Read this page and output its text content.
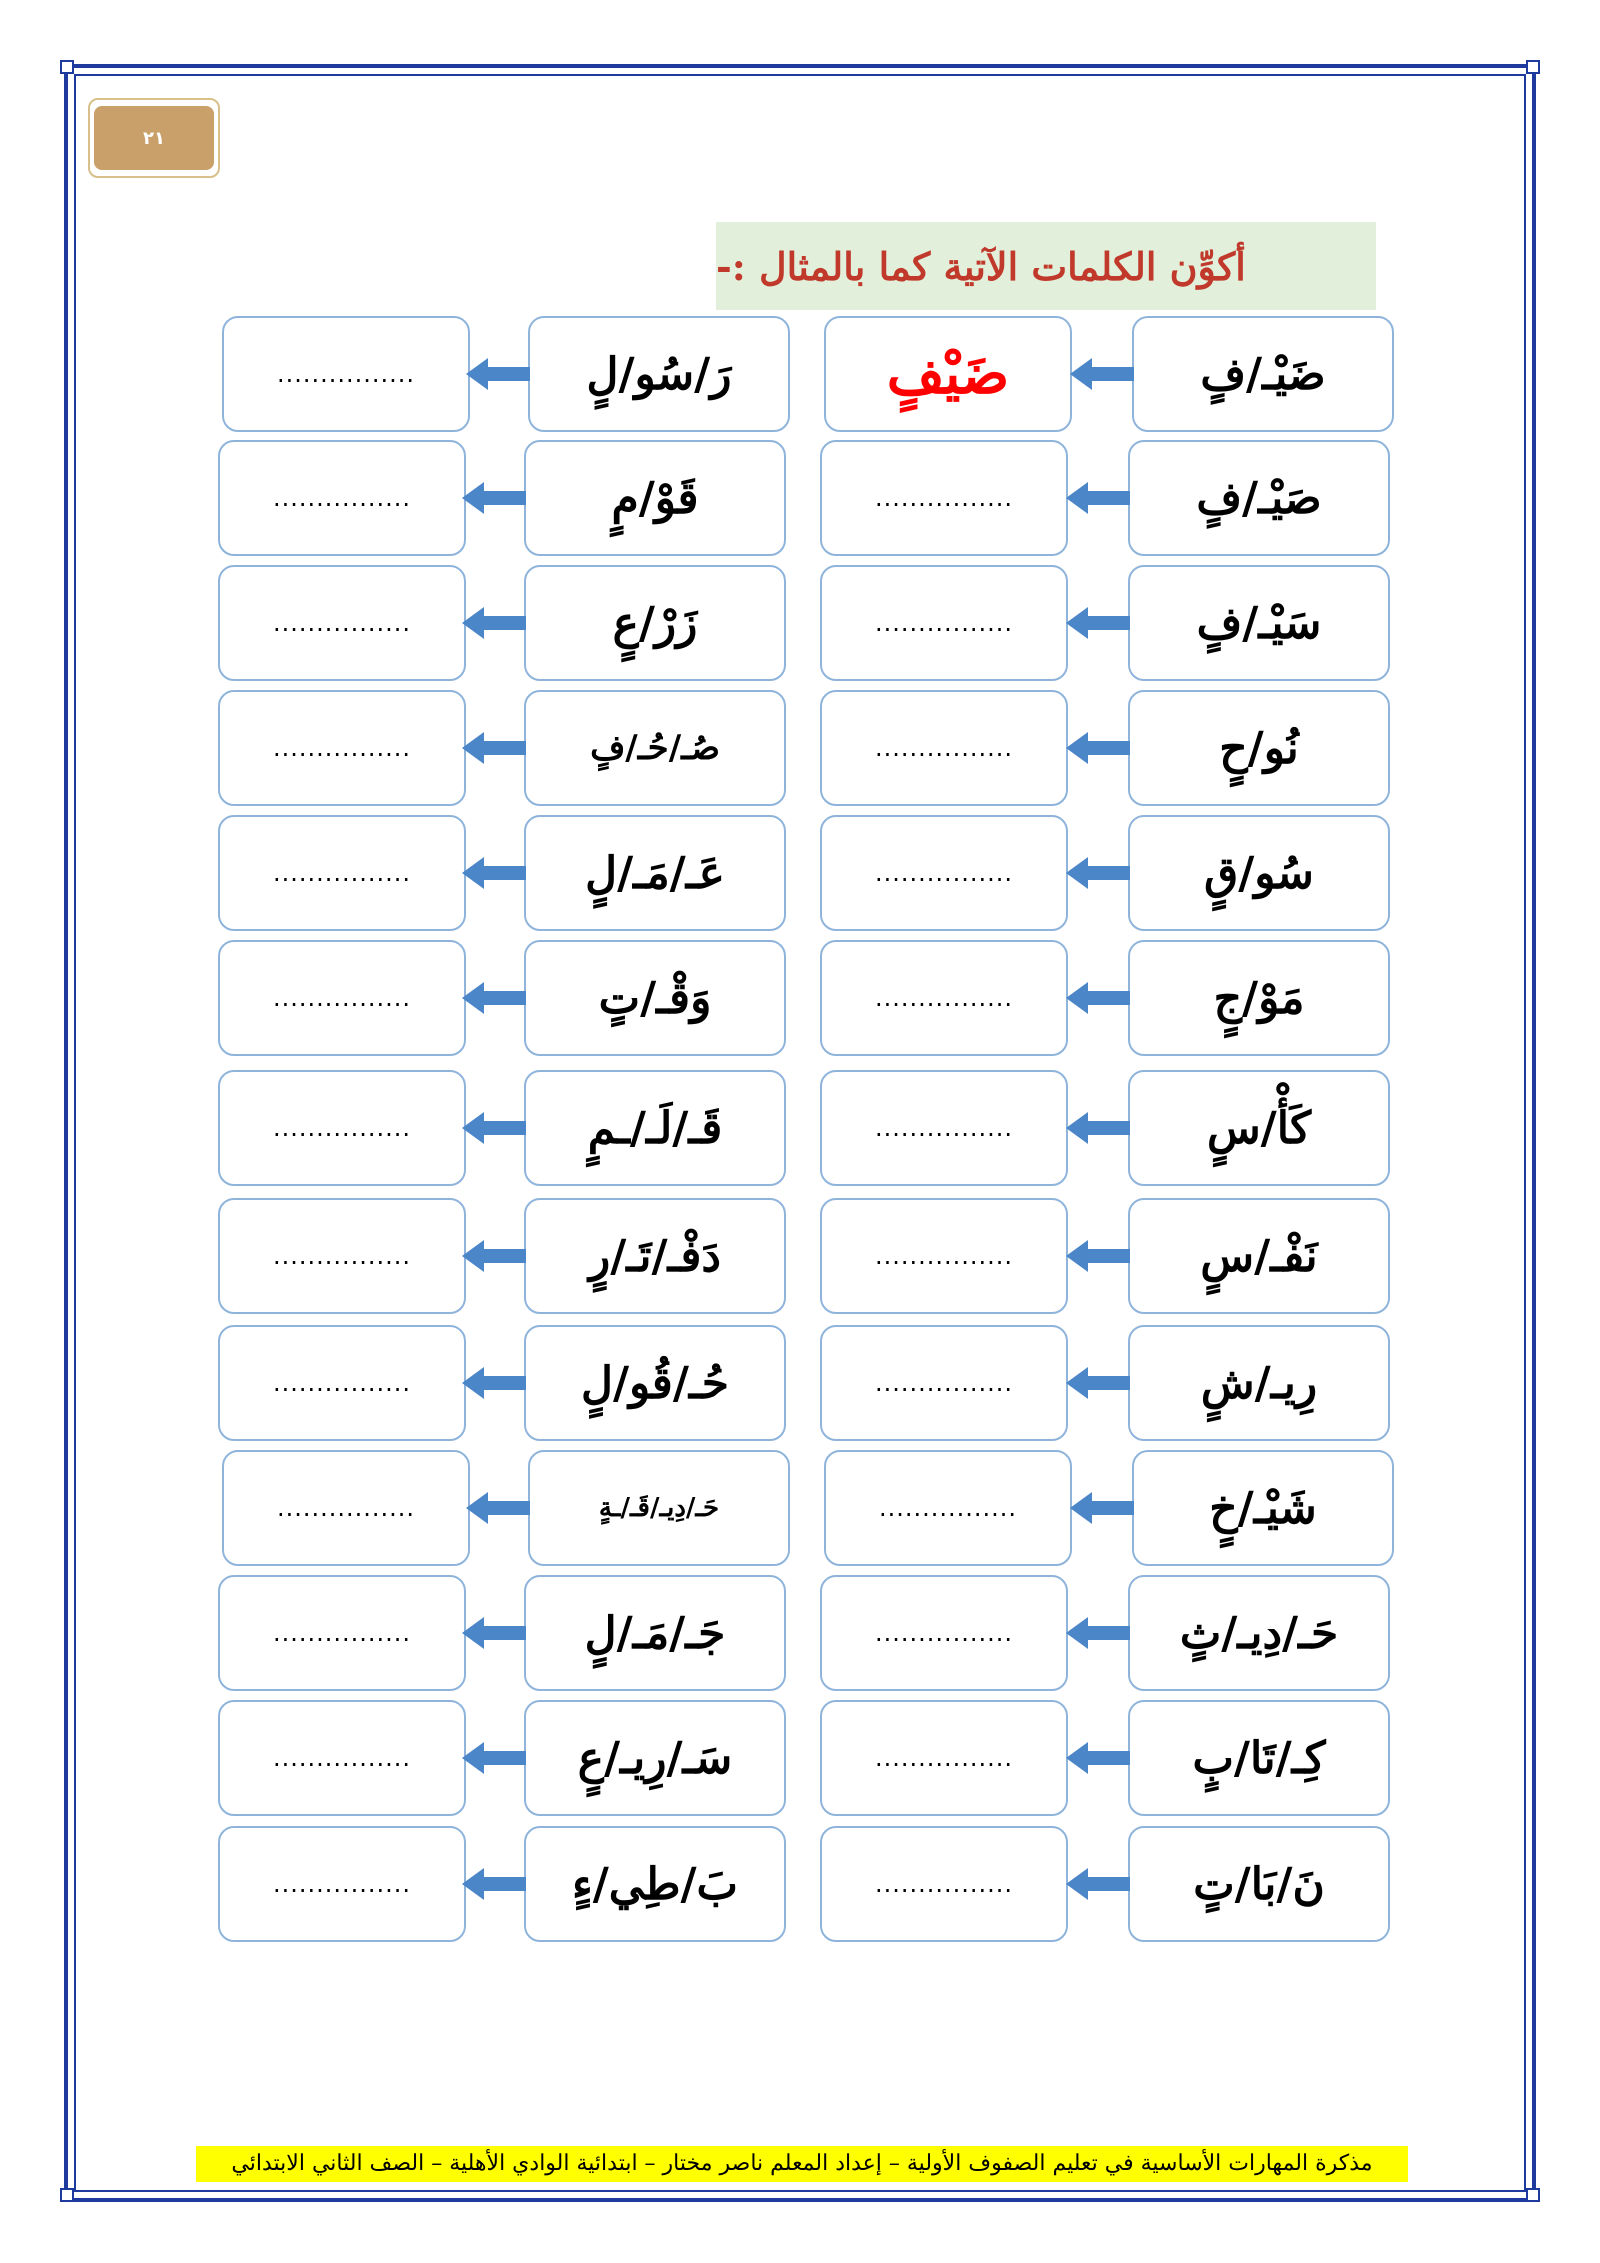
٢١
أكوِّن الكلمات الآتية كما بالمثال :-
ضَيْـ/فٍ
ضَيْفٍ
رَ/سُو/لٍ
................
صَيْـ/فٍ
................
قَوْ/مٍ
................
سَيْـ/فٍ
................
زَرْ/عٍ
................
نُو/حٍ
................
صُـ/حُـ/فٍ
................
سُو/قٍ
................
عَـ/مَـ/لٍ
................
مَوْ/جٍ
................
وَقْـ/تٍ
................
كَأْ/سٍ
................
قَـ/لَـ/ـمٍ
................
نَفْـ/سٍ
................
دَفْـ/تَـ/رٍ
................
رِيـ/شٍ
................
حُـ/قُو/لٍ
................
شَيْـ/خٍ
................
حَـ/دِيـ/قَـ/ـةٍ
................
حَـ/دِيـ/ثٍ
................
جَـ/مَـ/لٍ
................
كِـ/تَا/بٍ
................
سَـ/رِيـ/عٍ
................
نَ/بَا/تٍ
................
بَ/طِي/ءٍ
................
مذكرة المهارات الأساسية في تعليم الصفوف الأولية – إعداد المعلم ناصر مختار – ابتدائية الوادي الأهلية – الصف الثاني الابتدائي
